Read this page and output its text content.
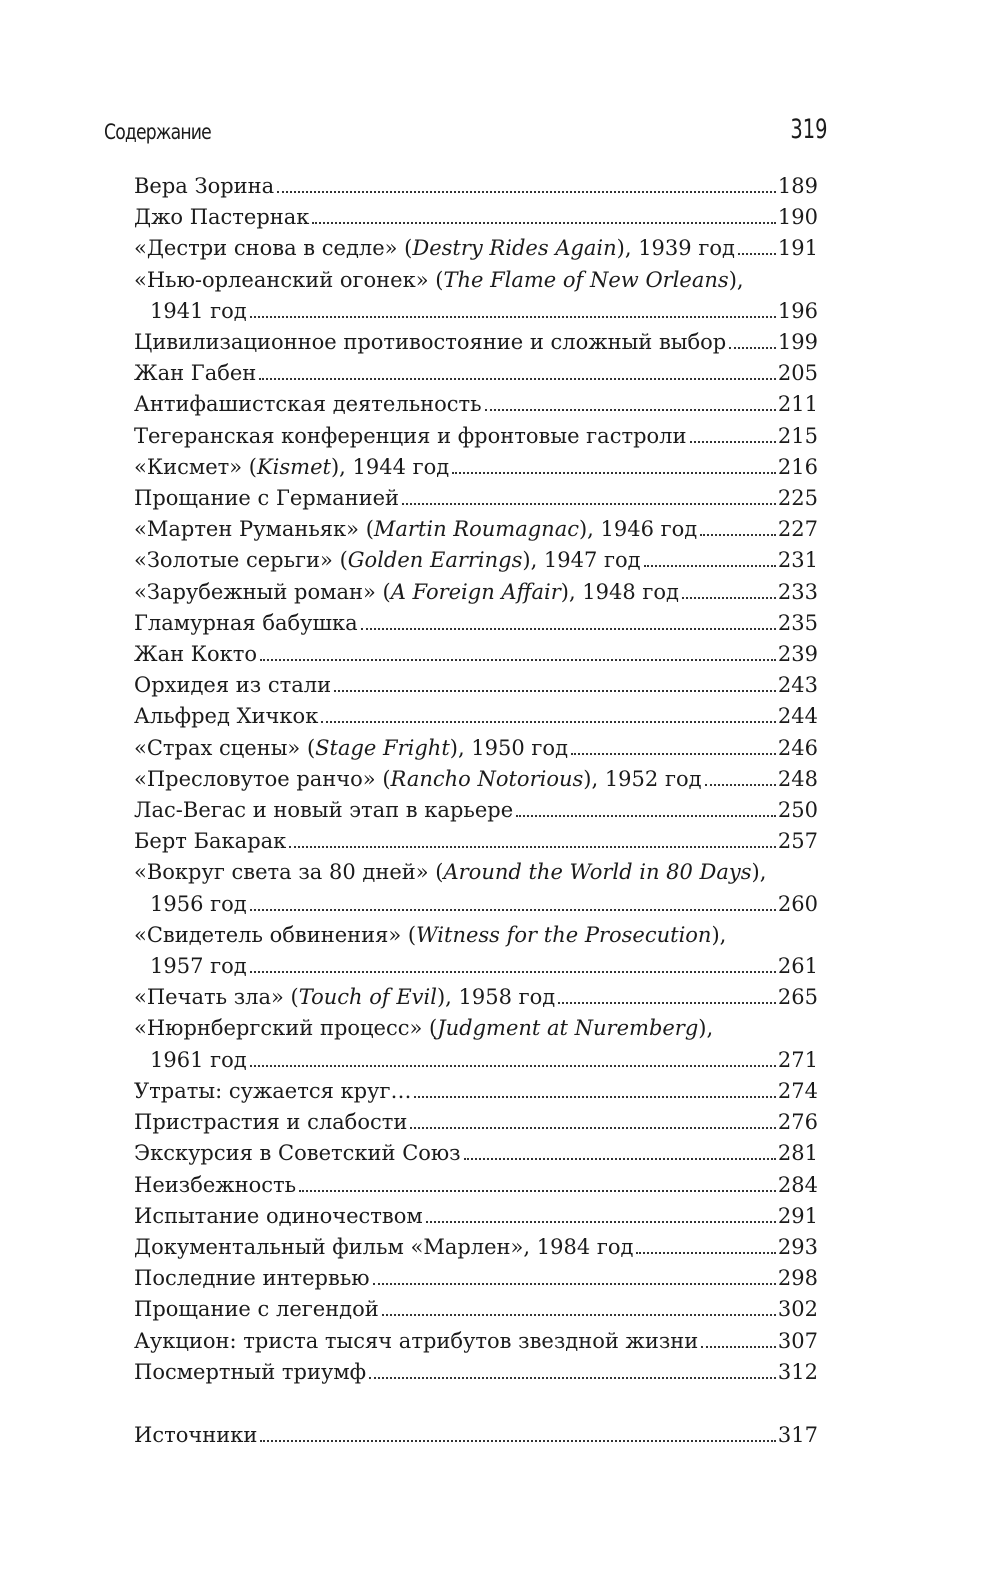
Содержание	319
Вера Зорина	189
Джо Пастернак	190
«Дестри снова в седле» (Destry Rides Again), 1939 год 191
«Нью-орлеанский огонек» (The Flame of New Orleans),
1941 год	196
Цивилизационное противостояние и сложный выбор 199
Жан Габен	205
Антифашистская деятельность	211
Тегеранская конференция и фронтовые гастроли	215
«Кисмет» (Kismet), 1944 год	216
Прощание с Германией	225
«Мартен Руманьяк» (Martin Roumagnac), 1946 год	227
«Золотые серьги» (Golden Earrings), 1947 год	231
«Зарубежный роман» (A Foreign Affair), 1948 год	233
Гламурная бабушка	235
Жан Кокто	239
Орхидея из стали	243
Альфред Хичкок	244
«Страх сцены» (Stage Fright), 1950 год	246
«Пресловутое ранчо» (Rancho Notorious), 1952 год	248
Лас-Вегас и новый этап в карьере	250
Берт Бакарак	257
«Вокруг света за 80 дней» (Around the World in 80 Days),
1956 год	260
«Свидетель обвинения» (Witness for the Prosecution),
1957 год	261
«Печать зла» (Touch of Evil), 1958 год	265
«Нюрнбергский процесс» (Judgment at Nuremberg),
1961 год	271
Утраты: сужается круг…	274
Пристрастия и слабости	276
Экскурсия в Советский Союз	281
Неизбежность	284
Испытание одиночеством	291
Документальный фильм «Марлен», 1984 год	293
Последние интервью	298
Прощание с легендой	302
Аукцион: триста тысяч атрибутов звездной жизни	307
Посмертный триумф	312
Источники	317
